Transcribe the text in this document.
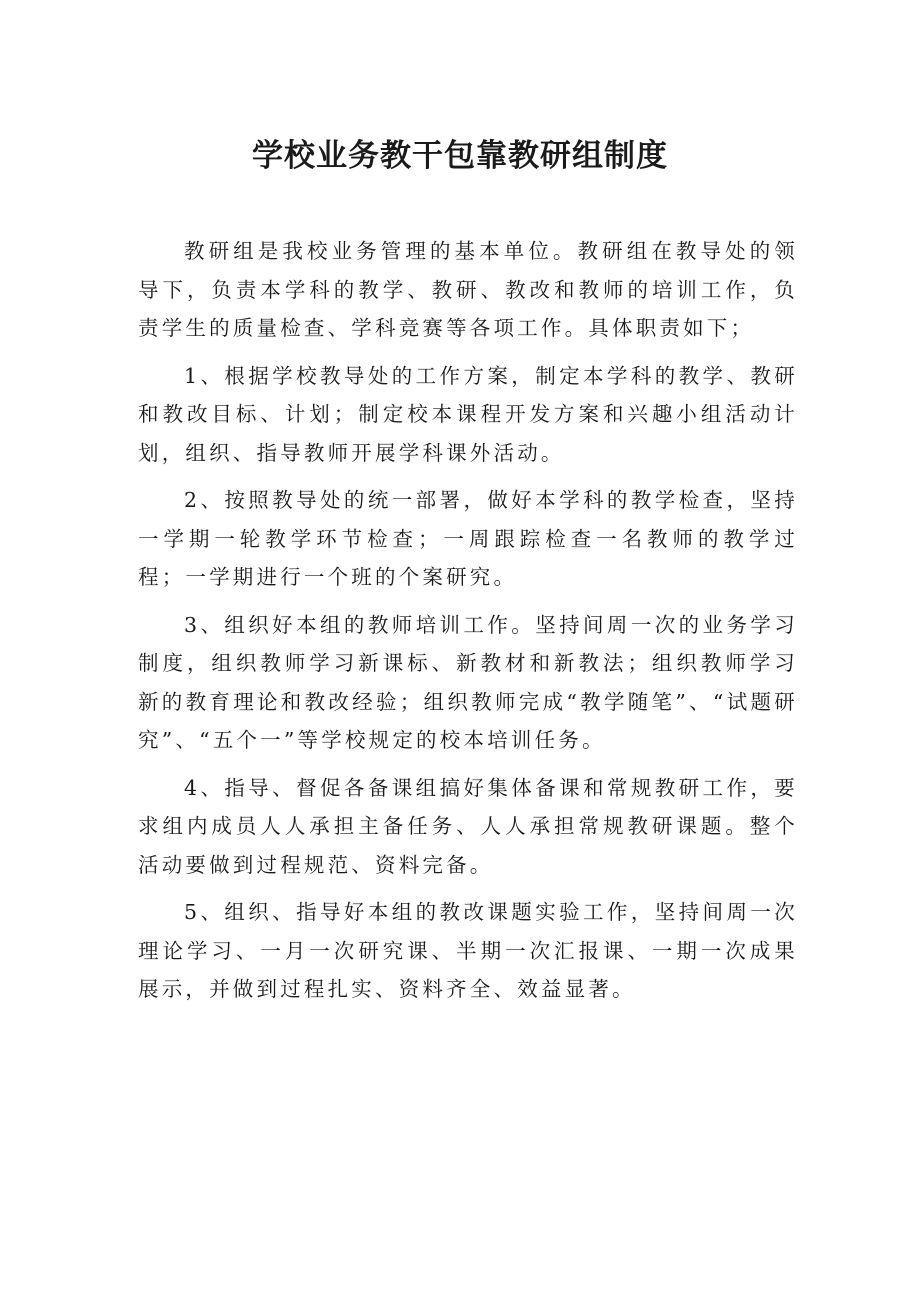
学校业务教干包靠教研组制度

教研组是我校业务管理的基本单位。教研组在教导处的领导下，负责本学科的教学、教研、教改和教师的培训工作，负责学生的质量检查、学科竞赛等各项工作。具体职责如下；

1、根据学校教导处的工作方案，制定本学科的教学、教研和教改目标、计划；制定校本课程开发方案和兴趣小组活动计划，组织、指导教师开展学科课外活动。

2、按照教导处的统一部署，做好本学科的教学检查，坚持一学期一轮教学环节检查；一周跟踪检查一名教师的教学过程；一学期进行一个班的个案研究。

3、组织好本组的教师培训工作。坚持间周一次的业务学习制度，组织教师学习新课标、新教材和新教法；组织教师学习新的教育理论和教改经验；组织教师完成“教学随笔”、“试题研究”、“五个一”等学校规定的校本培训任务。

4、指导、督促各备课组搞好集体备课和常规教研工作，要求组内成员人人承担主备任务、人人承担常规教研课题。整个活动要做到过程规范、资料完备。

5、组织、指导好本组的教改课题实验工作，坚持间周一次理论学习、一月一次研究课、半期一次汇报课、一期一次成果展示，并做到过程扎实、资料齐全、效益显著。
